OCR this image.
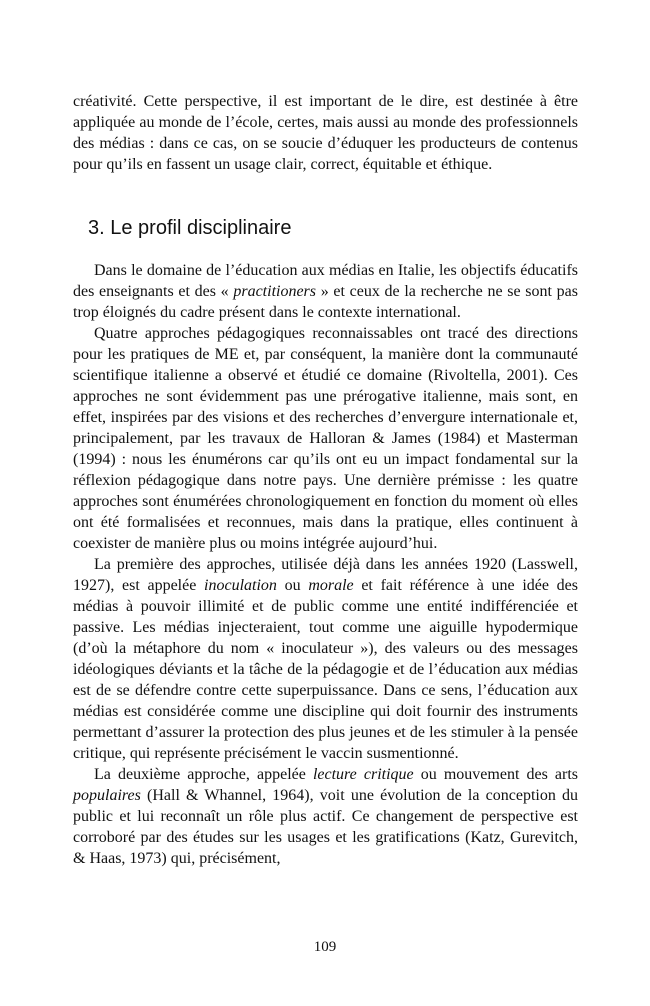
créativité. Cette perspective, il est important de le dire, est destinée à être appliquée au monde de l’école, certes, mais aussi au monde des professionnels des médias : dans ce cas, on se soucie d’éduquer les producteurs de contenus pour qu’ils en fassent un usage clair, correct, équitable et éthique.

3. Le profil disciplinaire

Dans le domaine de l’éducation aux médias en Italie, les objectifs éducatifs des enseignants et des « practitioners » et ceux de la recherche ne se sont pas trop éloignés du cadre présent dans le contexte international.

Quatre approches pédagogiques reconnaissables ont tracé des directions pour les pratiques de ME et, par conséquent, la manière dont la communauté scientifique italienne a observé et étudié ce domaine (Rivoltella, 2001). Ces approches ne sont évidemment pas une prérogative italienne, mais sont, en effet, inspirées par des visions et des recherches d’envergure internationale et, principalement, par les travaux de Halloran & James (1984) et Masterman (1994) : nous les énumérons car qu’ils ont eu un impact fondamental sur la réflexion pédagogique dans notre pays. Une dernière prémisse : les quatre approches sont énumérées chronologiquement en fonction du moment où elles ont été formalisées et reconnues, mais dans la pratique, elles continuent à coexister de manière plus ou moins intégrée aujourd’hui.

La première des approches, utilisée déjà dans les années 1920 (Lasswell, 1927), est appelée inoculation ou morale et fait référence à une idée des médias à pouvoir illimité et de public comme une entité indifférenciée et passive. Les médias injecteraient, tout comme une aiguille hypodermique (d’où la métaphore du nom « inoculateur »), des valeurs ou des messages idéologiques déviants et la tâche de la pédagogie et de l’éducation aux médias est de se défendre contre cette superpuissance. Dans ce sens, l’éducation aux médias est considérée comme une discipline qui doit fournir des instruments permettant d’assurer la protection des plus jeunes et de les stimuler à la pensée critique, qui représente précisément le vaccin susmentionné.

La deuxième approche, appelée lecture critique ou mouvement des arts populaires (Hall & Whannel, 1964), voit une évolution de la conception du public et lui reconnaît un rôle plus actif. Ce changement de perspective est corroboré par des études sur les usages et les gratifications (Katz, Gurevitch, & Haas, 1973) qui, précisément,

109
